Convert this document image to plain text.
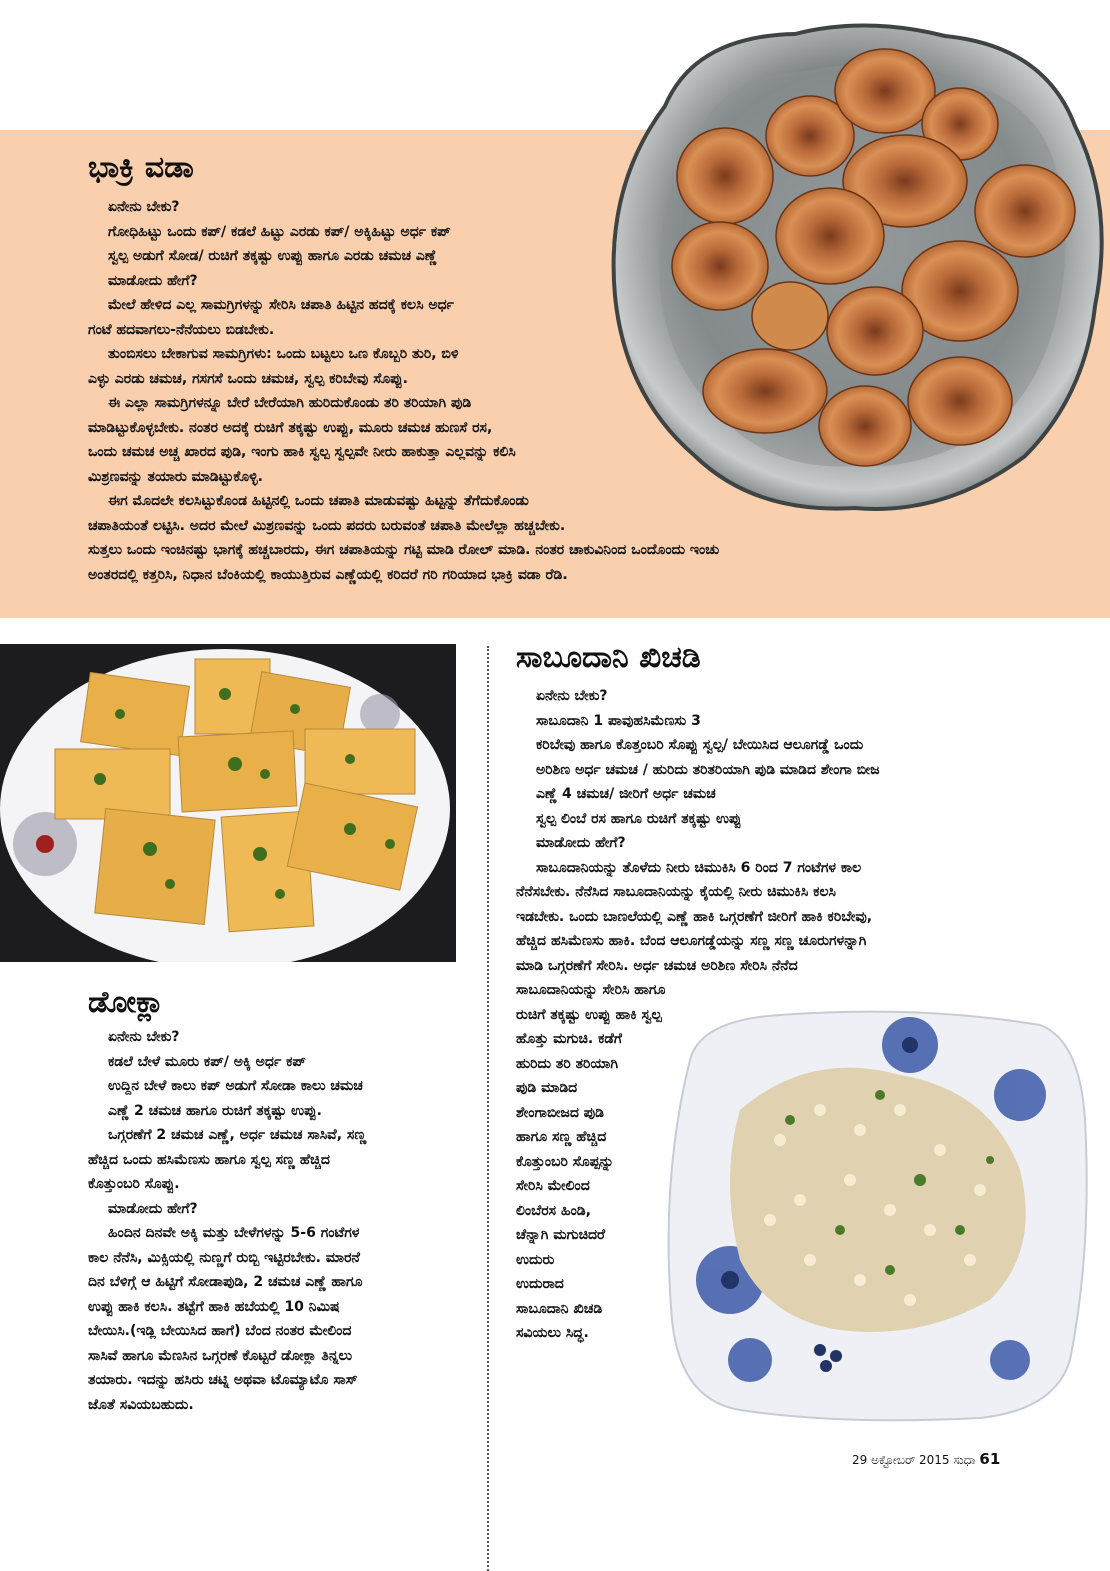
ಭಾಕ್ರಿ ವಡಾ

ಏನೇನು ಬೇಕು?

ಗೋಧಿಹಿಟ್ಟು ಒಂದು ಕಪ್/ ಕಡಲೆ ಹಿಟ್ಟು ಎರಡು ಕಪ್/ ಅಕ್ಕಿಹಿಟ್ಟು ಅರ್ಧ ಕಪ್

ಸ್ವಲ್ಪ ಅಡುಗೆ ಸೋಡ/ ರುಚಿಗೆ ತಕ್ಕಷ್ಟು ಉಪ್ಪು ಹಾಗೂ ಎರಡು ಚಮಚ ಎಣ್ಣೆ

ಮಾಡೋದು ಹೇಗೆ?

ಮೇಲೆ ಹೇಳಿದ ಎಲ್ಲ ಸಾಮಗ್ರಿಗಳನ್ನು ಸೇರಿಸಿ ಚಪಾತಿ ಹಿಟ್ಟಿನ ಹದಕ್ಕೆ ಕಲಸಿ ಅರ್ಧ

ಗಂಟೆ ಹದವಾಗಲು-ನೆನೆಯಲು ಬಿಡಬೇಕು.

ತುಂಬಿಸಲು ಬೇಕಾಗುವ ಸಾಮಗ್ರಿಗಳು: ಒಂದು ಬಟ್ಟಲು ಒಣ ಕೊಬ್ಬರಿ ತುರಿ, ಬಿಳಿ

ಎಳ್ಳು ಎರಡು ಚಮಚ, ಗಸಗಸೆ ಒಂದು ಚಮಚ, ಸ್ವಲ್ಪ ಕರಿಬೇವು ಸೊಪ್ಪು.

ಈ ಎಲ್ಲಾ ಸಾಮಗ್ರಿಗಳನ್ನೂ ಬೇರೆ ಬೇರೆಯಾಗಿ ಹುರಿದುಕೊಂಡು ತರಿ ತರಿಯಾಗಿ ಪುಡಿ

ಮಾಡಿಟ್ಟುಕೊಳ್ಳಬೇಕು. ನಂತರ ಅದಕ್ಕೆ ರುಚಿಗೆ ತಕ್ಕಷ್ಟು ಉಪ್ಪು, ಮೂರು ಚಮಚ ಹುಣಸೆ ರಸ,

ಒಂದು ಚಮಚ ಅಚ್ಚ ಖಾರದ ಪುಡಿ, ಇಂಗು ಹಾಕಿ ಸ್ವಲ್ಪ ಸ್ವಲ್ಪವೇ ನೀರು ಹಾಕುತ್ತಾ ಎಲ್ಲವನ್ನು ಕಲಿಸಿ

ಮಿಶ್ರಣವನ್ನು ತಯಾರು ಮಾಡಿಟ್ಟುಕೊಳ್ಳಿ.

ಈಗ ಮೊದಲೇ ಕಲಸಿಟ್ಟುಕೊಂಡ ಹಿಟ್ಟಿನಲ್ಲಿ ಒಂದು ಚಪಾತಿ ಮಾಡುವಷ್ಟು ಹಿಟ್ಟನ್ನು ತೆಗೆದುಕೊಂಡು

ಚಪಾತಿಯಂತೆ ಲಟ್ಟಿಸಿ. ಅದರ ಮೇಲೆ ಮಿಶ್ರಣವನ್ನು ಒಂದು ಪದರು ಬರುವಂತೆ ಚಪಾತಿ ಮೇಲೆಲ್ಲಾ ಹಚ್ಚಬೇಕು.

ಸುತ್ತಲು ಒಂದು ಇಂಚಿನಷ್ಟು ಭಾಗಕ್ಕೆ ಹಚ್ಚಬಾರದು, ಈಗ ಚಪಾತಿಯನ್ನು ಗಟ್ಟಿ ಮಾಡಿ ರೋಲ್ ಮಾಡಿ. ನಂತರ ಚಾಕುವಿನಿಂದ ಒಂದೊಂದು ಇಂಚು

ಅಂತರದಲ್ಲಿ ಕತ್ತರಿಸಿ, ನಿಧಾನ ಬೆಂಕಿಯಲ್ಲಿ ಕಾಯುತ್ತಿರುವ ಎಣ್ಣೆಯಲ್ಲಿ ಕರಿದರೆ ಗರಿ ಗರಿಯಾದ ಭಾಕ್ರಿ ವಡಾ ರೆಡಿ.

ಡೋಕ್ಲಾ

ಏನೇನು ಬೇಕು?

ಕಡಲೆ ಬೇಳೆ ಮೂರು ಕಪ್/ ಅಕ್ಕಿ ಅರ್ಧ ಕಪ್

ಉದ್ದಿನ ಬೇಳೆ ಕಾಲು ಕಪ್ ಅಡುಗೆ ಸೋಡಾ ಕಾಲು ಚಮಚ

ಎಣ್ಣೆ 2 ಚಮಚ ಹಾಗೂ ರುಚಿಗೆ ತಕ್ಕಷ್ಟು ಉಪ್ಪು.

ಒಗ್ಗರಣೆಗೆ 2 ಚಮಚ ಎಣ್ಣೆ, ಅರ್ಧ ಚಮಚ ಸಾಸಿವೆ, ಸಣ್ಣ

ಹೆಚ್ಚಿದ ಒಂದು ಹಸಿಮೆಣಸು ಹಾಗೂ ಸ್ವಲ್ಪ ಸಣ್ಣ ಹೆಚ್ಚಿದ

ಕೊತ್ತುಂಬರಿ ಸೊಪ್ಪು.

ಮಾಡೋದು ಹೇಗೆ?

ಹಿಂದಿನ ದಿನವೇ ಅಕ್ಕಿ ಮತ್ತು ಬೇಳೆಗಳನ್ನು 5-6 ಗಂಟೆಗಳ

ಕಾಲ ನೆನೆಸಿ, ಮಿಕ್ಸಿಯಲ್ಲಿ ನುಣ್ಣಗೆ ರುಬ್ಬಿ ಇಟ್ಟಿರಬೇಕು. ಮಾರನೆ

ದಿನ ಬೆಳಿಗ್ಗೆ ಆ ಹಿಟ್ಟಿಗೆ ಸೋಡಾಪುಡಿ, 2 ಚಮಚ ಎಣ್ಣೆ ಹಾಗೂ

ಉಪ್ಪು ಹಾಕಿ ಕಲಸಿ. ತಟ್ಟೆಗೆ ಹಾಕಿ ಹಬೆಯಲ್ಲಿ 10 ನಿಮಿಷ

ಬೇಯಿಸಿ.(ಇಡ್ಲಿ ಬೇಯಿಸಿದ ಹಾಗೆ) ಬೆಂದ ನಂತರ ಮೇಲಿಂದ

ಸಾಸಿವೆ ಹಾಗೂ ಮೆಣಸಿನ ಒಗ್ಗರಣೆ ಕೊಟ್ಟರೆ ಡೋಕ್ಲಾ ತಿನ್ನಲು

ತಯಾರು. ಇದನ್ನು ಹಸಿರು ಚಟ್ನಿ ಅಥವಾ ಟೊಮ್ಯಾಟೊ ಸಾಸ್

ಜೊತೆ ಸವಿಯಬಹುದು.

ಸಾಬೂದಾನಿ ಖಿಚಡಿ

ಏನೇನು ಬೇಕು?

ಸಾಬೂದಾನಿ 1 ಪಾವುಹಸಿಮೆಣಸು 3

ಕರಿಬೇವು ಹಾಗೂ ಕೊತ್ತಂಬರಿ ಸೊಪ್ಪು ಸ್ವಲ್ಪ/ ಬೇಯಿಸಿದ ಆಲೂಗಡ್ಡೆ ಒಂದು

ಅರಿಶಿಣ ಅರ್ಧ ಚಮಚ / ಹುರಿದು ತರಿತರಿಯಾಗಿ ಪುಡಿ ಮಾಡಿದ ಶೇಂಗಾ ಬೀಜ

ಎಣ್ಣೆ 4 ಚಮಚ/ ಜೀರಿಗೆ ಅರ್ಧ ಚಮಚ

ಸ್ವಲ್ಪ ಲಿಂಬೆ ರಸ ಹಾಗೂ ರುಚಿಗೆ ತಕ್ಕಷ್ಟು ಉಪ್ಪು

ಮಾಡೋದು ಹೇಗೆ?

ಸಾಬೂದಾನಿಯನ್ನು ತೊಳೆದು ನೀರು ಚಿಮುಕಿಸಿ 6 ರಿಂದ 7 ಗಂಟೆಗಳ ಕಾಲ

ನೆನೆಸಬೇಕು. ನೆನೆಸಿದ ಸಾಬೂದಾನಿಯನ್ನು ಕೈಯಲ್ಲಿ ನೀರು ಚಿಮುಕಿಸಿ ಕಲಸಿ

ಇಡಬೇಕು. ಒಂದು ಬಾಣಲೆಯಲ್ಲಿ ಎಣ್ಣೆ ಹಾಕಿ ಒಗ್ಗರಣೆಗೆ ಜೀರಿಗೆ ಹಾಕಿ ಕರಿಬೇವು,

ಹೆಚ್ಚಿದ ಹಸಿಮೆಣಸು ಹಾಕಿ. ಬೆಂದ ಆಲೂಗಡ್ಡೆಯನ್ನು ಸಣ್ಣ ಸಣ್ಣ ಚೂರುಗಳನ್ನಾಗಿ

ಮಾಡಿ ಒಗ್ಗರಣೆಗೆ ಸೇರಿಸಿ. ಅರ್ಧ ಚಮಚ ಅರಿಶಿಣ ಸೇರಿಸಿ ನೆನೆದ

ಸಾಬೂದಾನಿಯನ್ನು ಸೇರಿಸಿ ಹಾಗೂ

ರುಚಿಗೆ ತಕ್ಕಷ್ಟು ಉಪ್ಪು ಹಾಕಿ ಸ್ವಲ್ಪ

ಹೊತ್ತು ಮಗುಚಿ. ಕಡೆಗೆ

ಹುರಿದು ತರಿ ತರಿಯಾಗಿ

ಪುಡಿ ಮಾಡಿದ

ಶೇಂಗಾಬೀಜದ ಪುಡಿ

ಹಾಗೂ ಸಣ್ಣ ಹೆಚ್ಚಿದ

ಕೊತ್ತುಂಬರಿ ಸೊಪ್ಪನ್ನು

ಸೇರಿಸಿ ಮೇಲಿಂದ

ಲಿಂಬೆರಸ ಹಿಂಡಿ,

ಚೆನ್ನಾಗಿ ಮಗುಚಿದರೆ

ಉದುರು

ಉದುರಾದ

ಸಾಬೂದಾನಿ ಖಿಚಡಿ

ಸವಿಯಲು ಸಿದ್ಧ.

29 ಅಕ್ಟೋಬರ್ 2015 ಸುಧಾ 61
